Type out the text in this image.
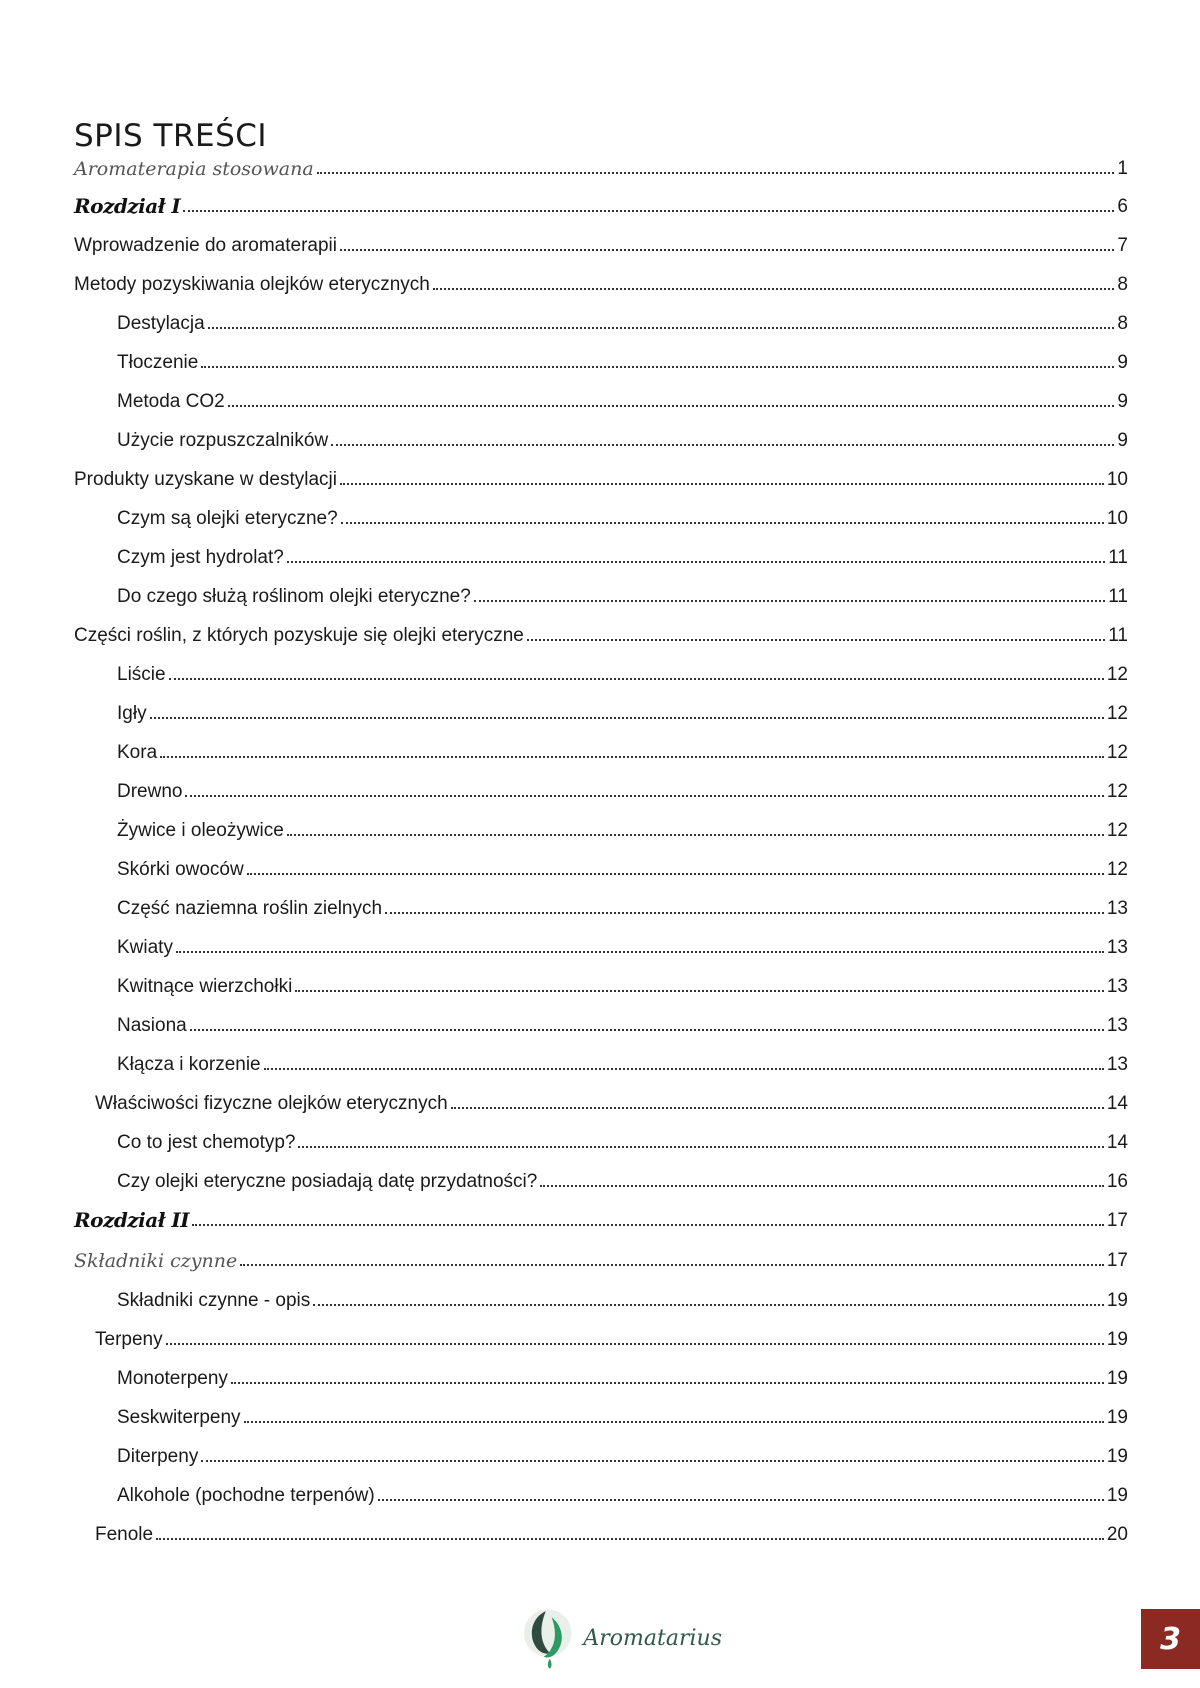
SPIS TREŚCI
Aromaterapia stosowana	1
Rozdział I	6
Wprowadzenie do aromaterapii	7
Metody pozyskiwania olejków eterycznych	8
Destylacja	8
Tłoczenie	9
Metoda CO2	9
Użycie rozpuszczalników	9
Produkty uzyskane w destylacji	10
Czym są olejki eteryczne?	10
Czym jest hydrolat?	11
Do czego służą roślinom olejki eteryczne?	11
Części roślin, z których pozyskuje się olejki eteryczne	11
Liście	12
Igły	12
Kora	12
Drewno	12
Żywice i oleożywice	12
Skórki owoców	12
Część naziemna roślin zielnych	13
Kwiaty	13
Kwitnące wierzchołki	13
Nasiona	13
Kłącza i korzenie	13
Właściwości fizyczne olejków eterycznych	14
Co to jest chemotyp?	14
Czy olejki eteryczne posiadają datę przydatności?	16
Rozdział II	17
Składniki czynne	17
Składniki czynne - opis	19
Terpeny	19
Monoterpeny	19
Seskwiterpeny	19
Diterpeny	19
Alkohole (pochodne terpenów)	19
Fenole	20
Aromatarius	3
